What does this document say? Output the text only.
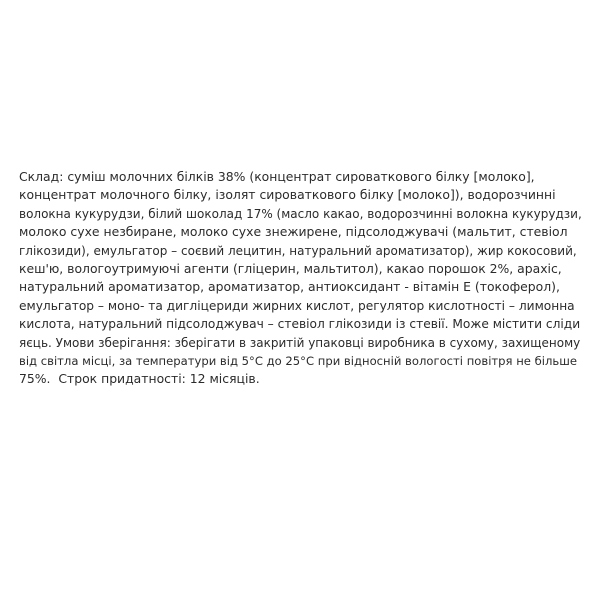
Склад: суміш молочних білків 38% (концентрат сироваткового білку [молоко],
концентрат молочного білку, ізолят сироваткового білку [молоко]), водорозчинні
волокна кукурудзи, білий шоколад 17% (масло какао, водорозчинні волокна кукурудзи,
молоко сухе незбиране, молоко сухе знежирене, підсолоджувачі (мальтит, стевіол
глікозиди), емульгатор – соєвий лецитин, натуральний ароматизатор), жир кокосовий,
кеш'ю, вологоутримуючі агенти (гліцерин, мальтитол), какао порошок 2%, арахіс,
натуральний ароматизатор, ароматизатор, антиоксидант - вітамін Е (токоферол),
емульгатор – моно- та дигліцериди жирних кислот, регулятор кислотності – лимонна
кислота, натуральний підсолоджувач – стевіол глікозиди із стевії. Може містити сліди
яєць. Умови зберігання: зберігати в закритій упаковці виробника в сухому, захищеному
від світла місці, за температури від 5°С до 25°С при відносній вологості повітря не більше
75%.  Строк придатності: 12 місяців.
